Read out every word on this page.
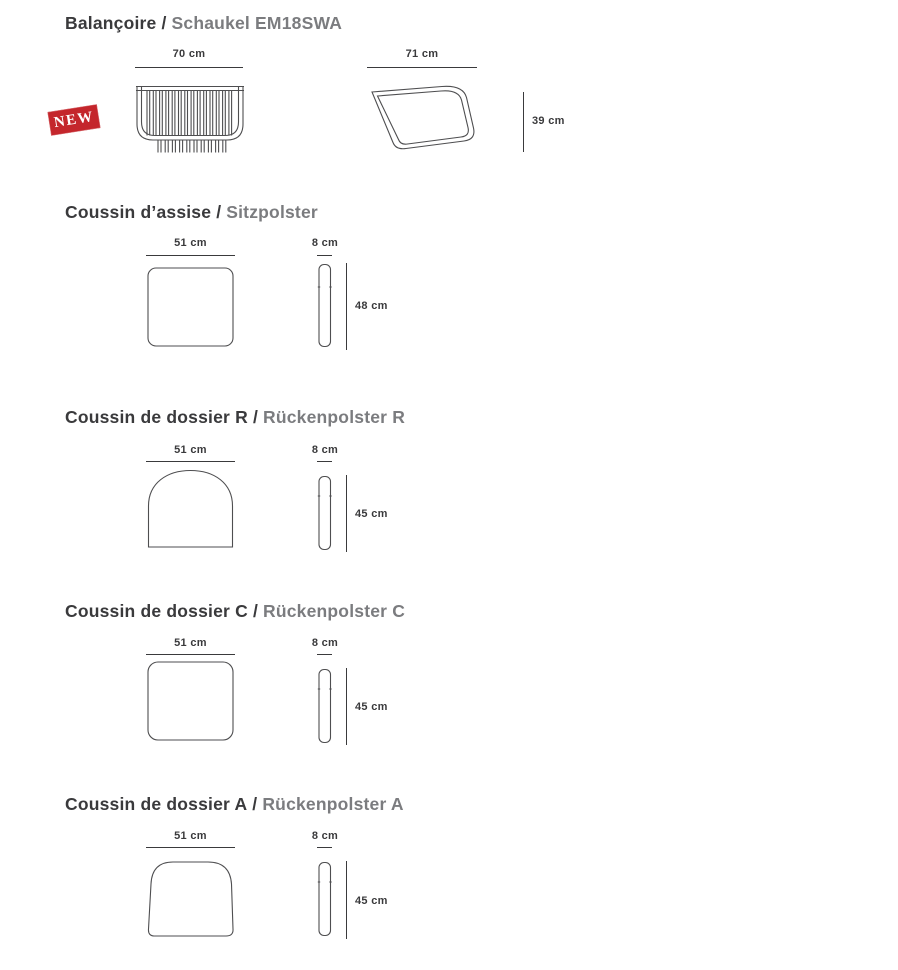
Balançoire / Schaukel EM18SWA
NEW
70 cm	71 cm
39 cm
Coussin d’assise / Sitzpolster
51 cm	8 cm
48 cm
Coussin de dossier R / Rückenpolster R
51 cm	8 cm
45 cm
Coussin de dossier C / Rückenpolster C
51 cm	8 cm
45 cm
Coussin de dossier A / Rückenpolster A
51 cm	8 cm
45 cm
